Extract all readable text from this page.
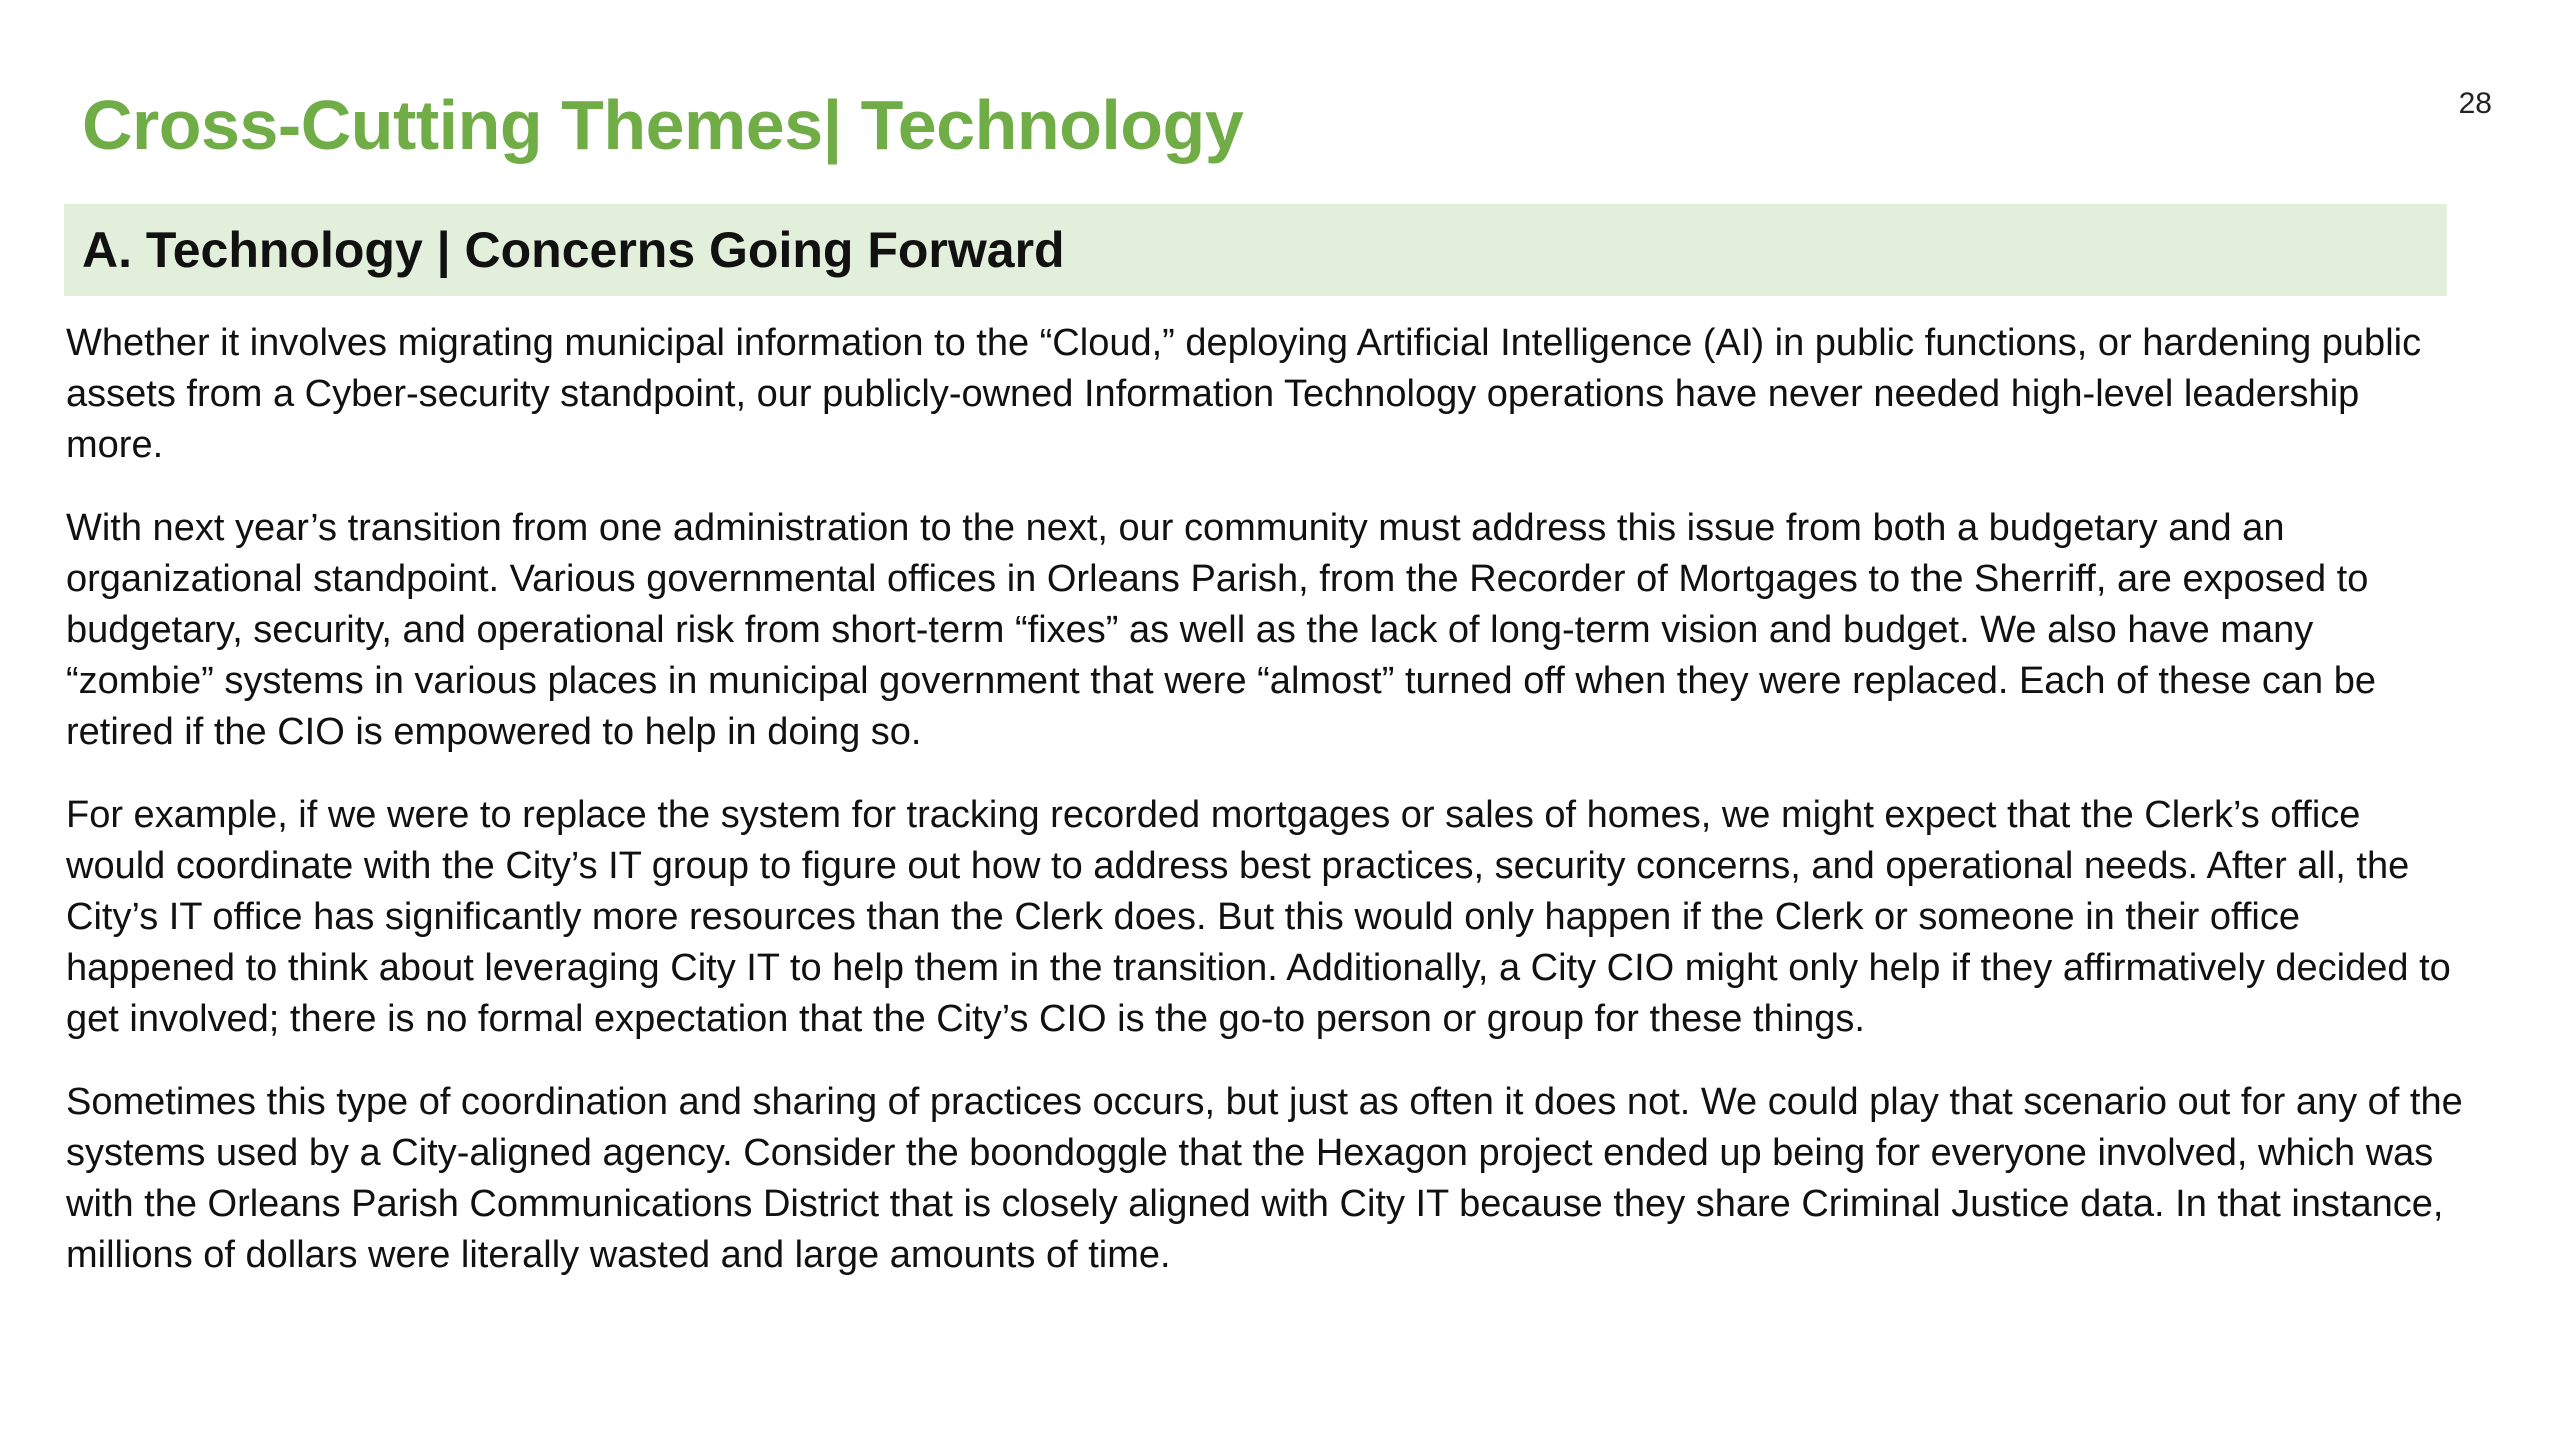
Cross-Cutting Themes| Technology	28
A. Technology | Concerns Going Forward

Whether it involves migrating municipal information to the “Cloud,” deploying Artificial Intelligence (AI) in public functions, or hardening public assets from a Cyber-security standpoint, our publicly-owned Information Technology operations have never needed high-level leadership more.

With next year’s transition from one administration to the next, our community must address this issue from both a budgetary and an organizational standpoint. Various governmental offices in Orleans Parish, from the Recorder of Mortgages to the Sherriff, are exposed to budgetary, security, and operational risk from short-term “fixes” as well as the lack of long-term vision and budget. We also have many “zombie” systems in various places in municipal government that were “almost” turned off when they were replaced. Each of these can be retired if the CIO is empowered to help in doing so.

For example, if we were to replace the system for tracking recorded mortgages or sales of homes, we might expect that the Clerk’s office would coordinate with the City’s IT group to figure out how to address best practices, security concerns, and operational needs. After all, the City’s IT office has significantly more resources than the Clerk does. But this would only happen if the Clerk or someone in their office happened to think about leveraging City IT to help them in the transition. Additionally, a City CIO might only help if they affirmatively decided to get involved; there is no formal expectation that the City’s CIO is the go-to person or group for these things.

Sometimes this type of coordination and sharing of practices occurs, but just as often it does not. We could play that scenario out for any of the systems used by a City-aligned agency. Consider the boondoggle that the Hexagon project ended up being for everyone involved, which was with the Orleans Parish Communications District that is closely aligned with City IT because they share Criminal Justice data. In that instance, millions of dollars were literally wasted and large amounts of time.
